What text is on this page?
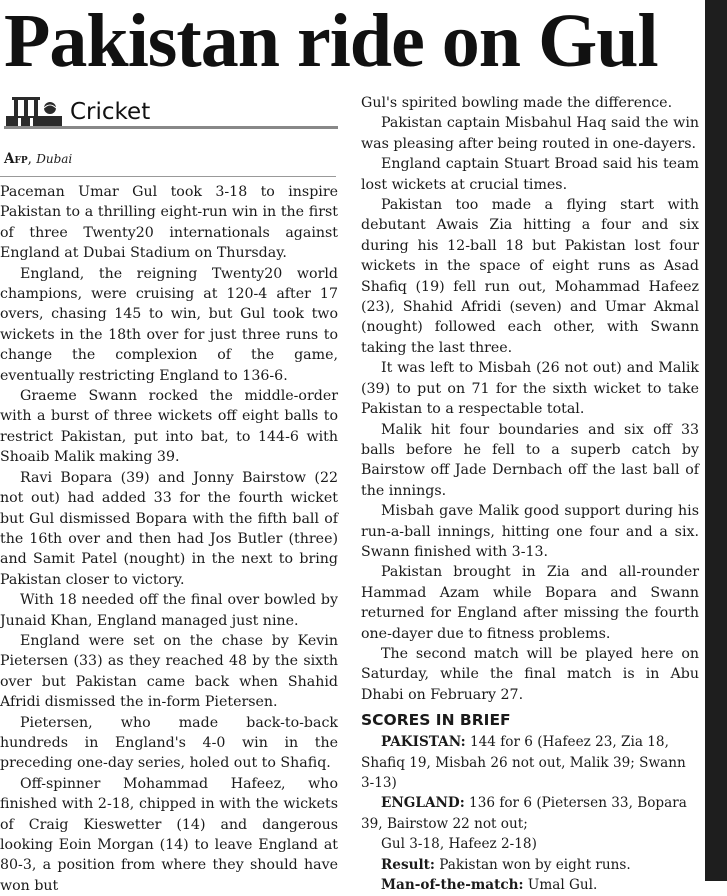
Pakistan ride on Gul
Cricket
Afp, Dubai

Paceman Umar Gul took 3-18 to inspire Pakistan to a thrilling eight-run win in the first of three Twenty20 internationals against England at Dubai Stadium on Thursday.

England, the reigning Twenty20 world champions, were cruising at 120-4 after 17 overs, chasing 145 to win, but Gul took two wickets in the 18th over for just three runs to change the complexion of the game, eventually restricting England to 136-6.

Graeme Swann rocked the middle-order with a burst of three wickets off eight balls to restrict Pakistan, put into bat, to 144-6 with Shoaib Malik making 39.

Ravi Bopara (39) and Jonny Bairstow (22 not out) had added 33 for the fourth wicket but Gul dismissed Bopara with the fifth ball of the 16th over and then had Jos Butler (three) and Samit Patel (nought) in the next to bring Pakistan closer to victory.

With 18 needed off the final over bowled by Junaid Khan, England managed just nine.

England were set on the chase by Kevin Pietersen (33) as they reached 48 by the sixth over but Pakistan came back when Shahid Afridi dismissed the in-form Pietersen.

Pietersen, who made back-to-back hundreds in England's 4-0 win in the preceding one-day series, holed out to Shafiq.

Off-spinner Mohammad Hafeez, who finished with 2-18, chipped in with the wickets of Craig Kieswetter (14) and dangerous looking Eoin Morgan (14) to leave England at 80-3, a position from where they should have won but

Gul's spirited bowling made the difference.

Pakistan captain Misbahul Haq said the win was pleasing after being routed in one-dayers.

England captain Stuart Broad said his team lost wickets at crucial times.

Pakistan too made a flying start with debutant Awais Zia hitting a four and six during his 12-ball 18 but Pakistan lost four wickets in the space of eight runs as Asad Shafiq (19) fell run out, Mohammad Hafeez (23), Shahid Afridi (seven) and Umar Akmal (nought) followed each other, with Swann taking the last three.

It was left to Misbah (26 not out) and Malik (39) to put on 71 for the sixth wicket to take Pakistan to a respectable total.

Malik hit four boundaries and six off 33 balls before he fell to a superb catch by Bairstow off Jade Dernbach off the last ball of the innings.

Misbah gave Malik good support during his run-a-ball innings, hitting one four and a six. Swann finished with 3-13.

Pakistan brought in Zia and all-rounder Hammad Azam while Bopara and Swann returned for England after missing the fourth one-dayer due to fitness problems.

The second match will be played here on Saturday, while the final match is in Abu Dhabi on February 27.

SCORES IN BRIEF

PAKISTAN: 144 for 6 (Hafeez 23, Zia 18, Shafiq 19, Misbah 26 not out, Malik 39; Swann 3-13)

ENGLAND: 136 for 6 (Pietersen 33, Bopara 39, Bairstow 22 not out;

Gul 3-18, Hafeez 2-18)

Result: Pakistan won by eight runs.

Man-of-the-match: Umal Gul.
